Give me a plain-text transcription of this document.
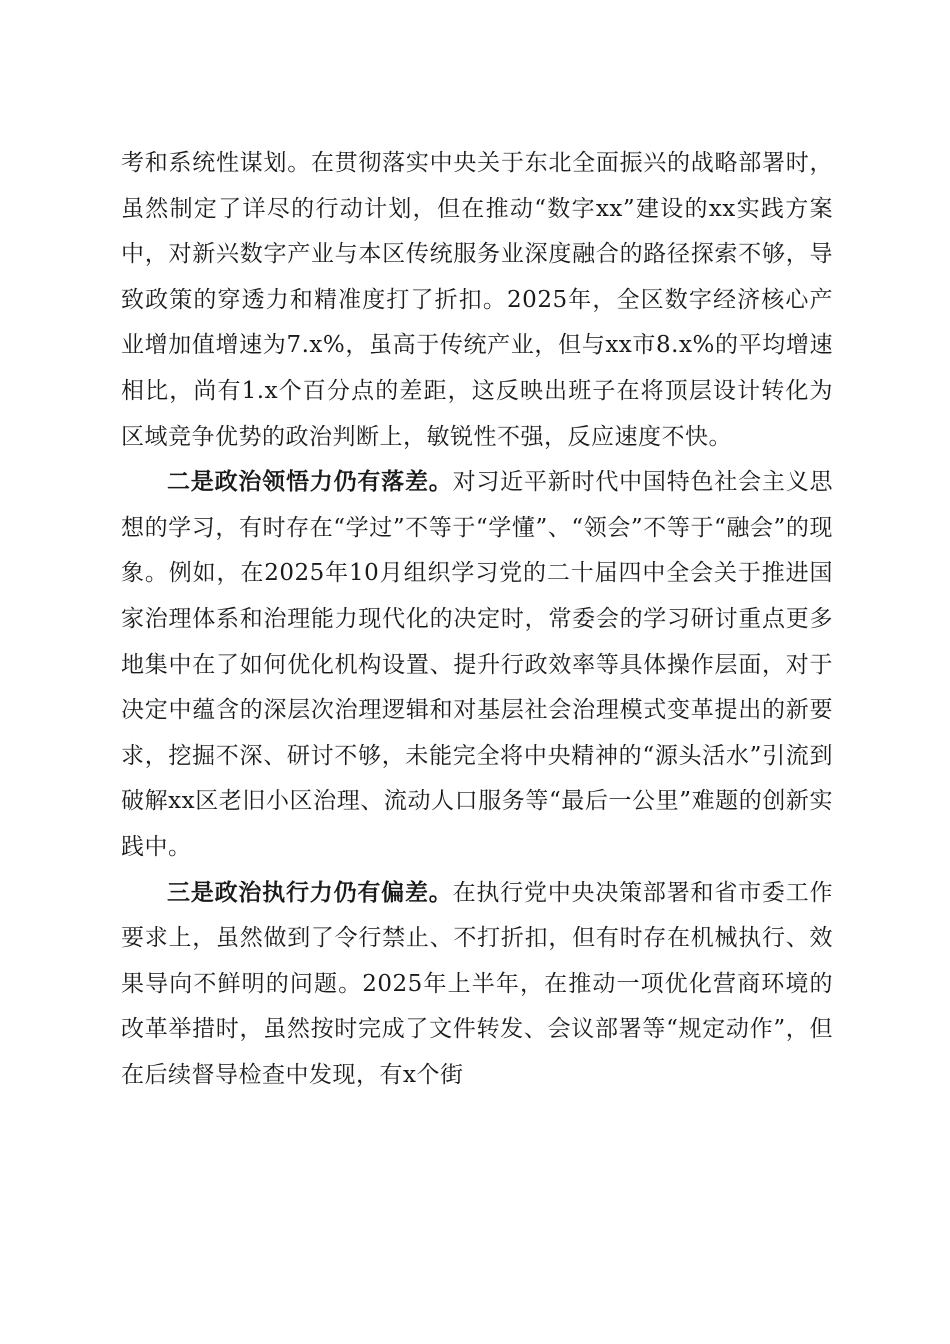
考和系统性谋划。在贯彻落实中央关于东北全面振兴的战略部署时，虽然制定了详尽的行动计划，但在推动“数字xx”建设的xx实践方案中，对新兴数字产业与本区传统服务业深度融合的路径探索不够，导致政策的穿透力和精准度打了折扣。2025年，全区数字经济核心产业增加值增速为7.x%，虽高于传统产业，但与xx市8.x%的平均增速相比，尚有1.x个百分点的差距，这反映出班子在将顶层设计转化为区域竞争优势的政治判断上，敏锐性不强，反应速度不快。

二是政治领悟力仍有落差。对习近平新时代中国特色社会主义思想的学习，有时存在“学过”不等于“学懂”、“领会”不等于“融会”的现象。例如，在2025年10月组织学习党的二十届四中全会关于推进国家治理体系和治理能力现代化的决定时，常委会的学习研讨重点更多地集中在了如何优化机构设置、提升行政效率等具体操作层面，对于决定中蕴含的深层次治理逻辑和对基层社会治理模式变革提出的新要求，挖掘不深、研讨不够，未能完全将中央精神的“源头活水”引流到破解xx区老旧小区治理、流动人口服务等“最后一公里”难题的创新实践中。

三是政治执行力仍有偏差。在执行党中央决策部署和省市委工作要求上，虽然做到了令行禁止、不打折扣，但有时存在机械执行、效果导向不鲜明的问题。2025年上半年，在推动一项优化营商环境的改革举措时，虽然按时完成了文件转发、会议部署等“规定动作”，但在后续督导检查中发现，有x个街
